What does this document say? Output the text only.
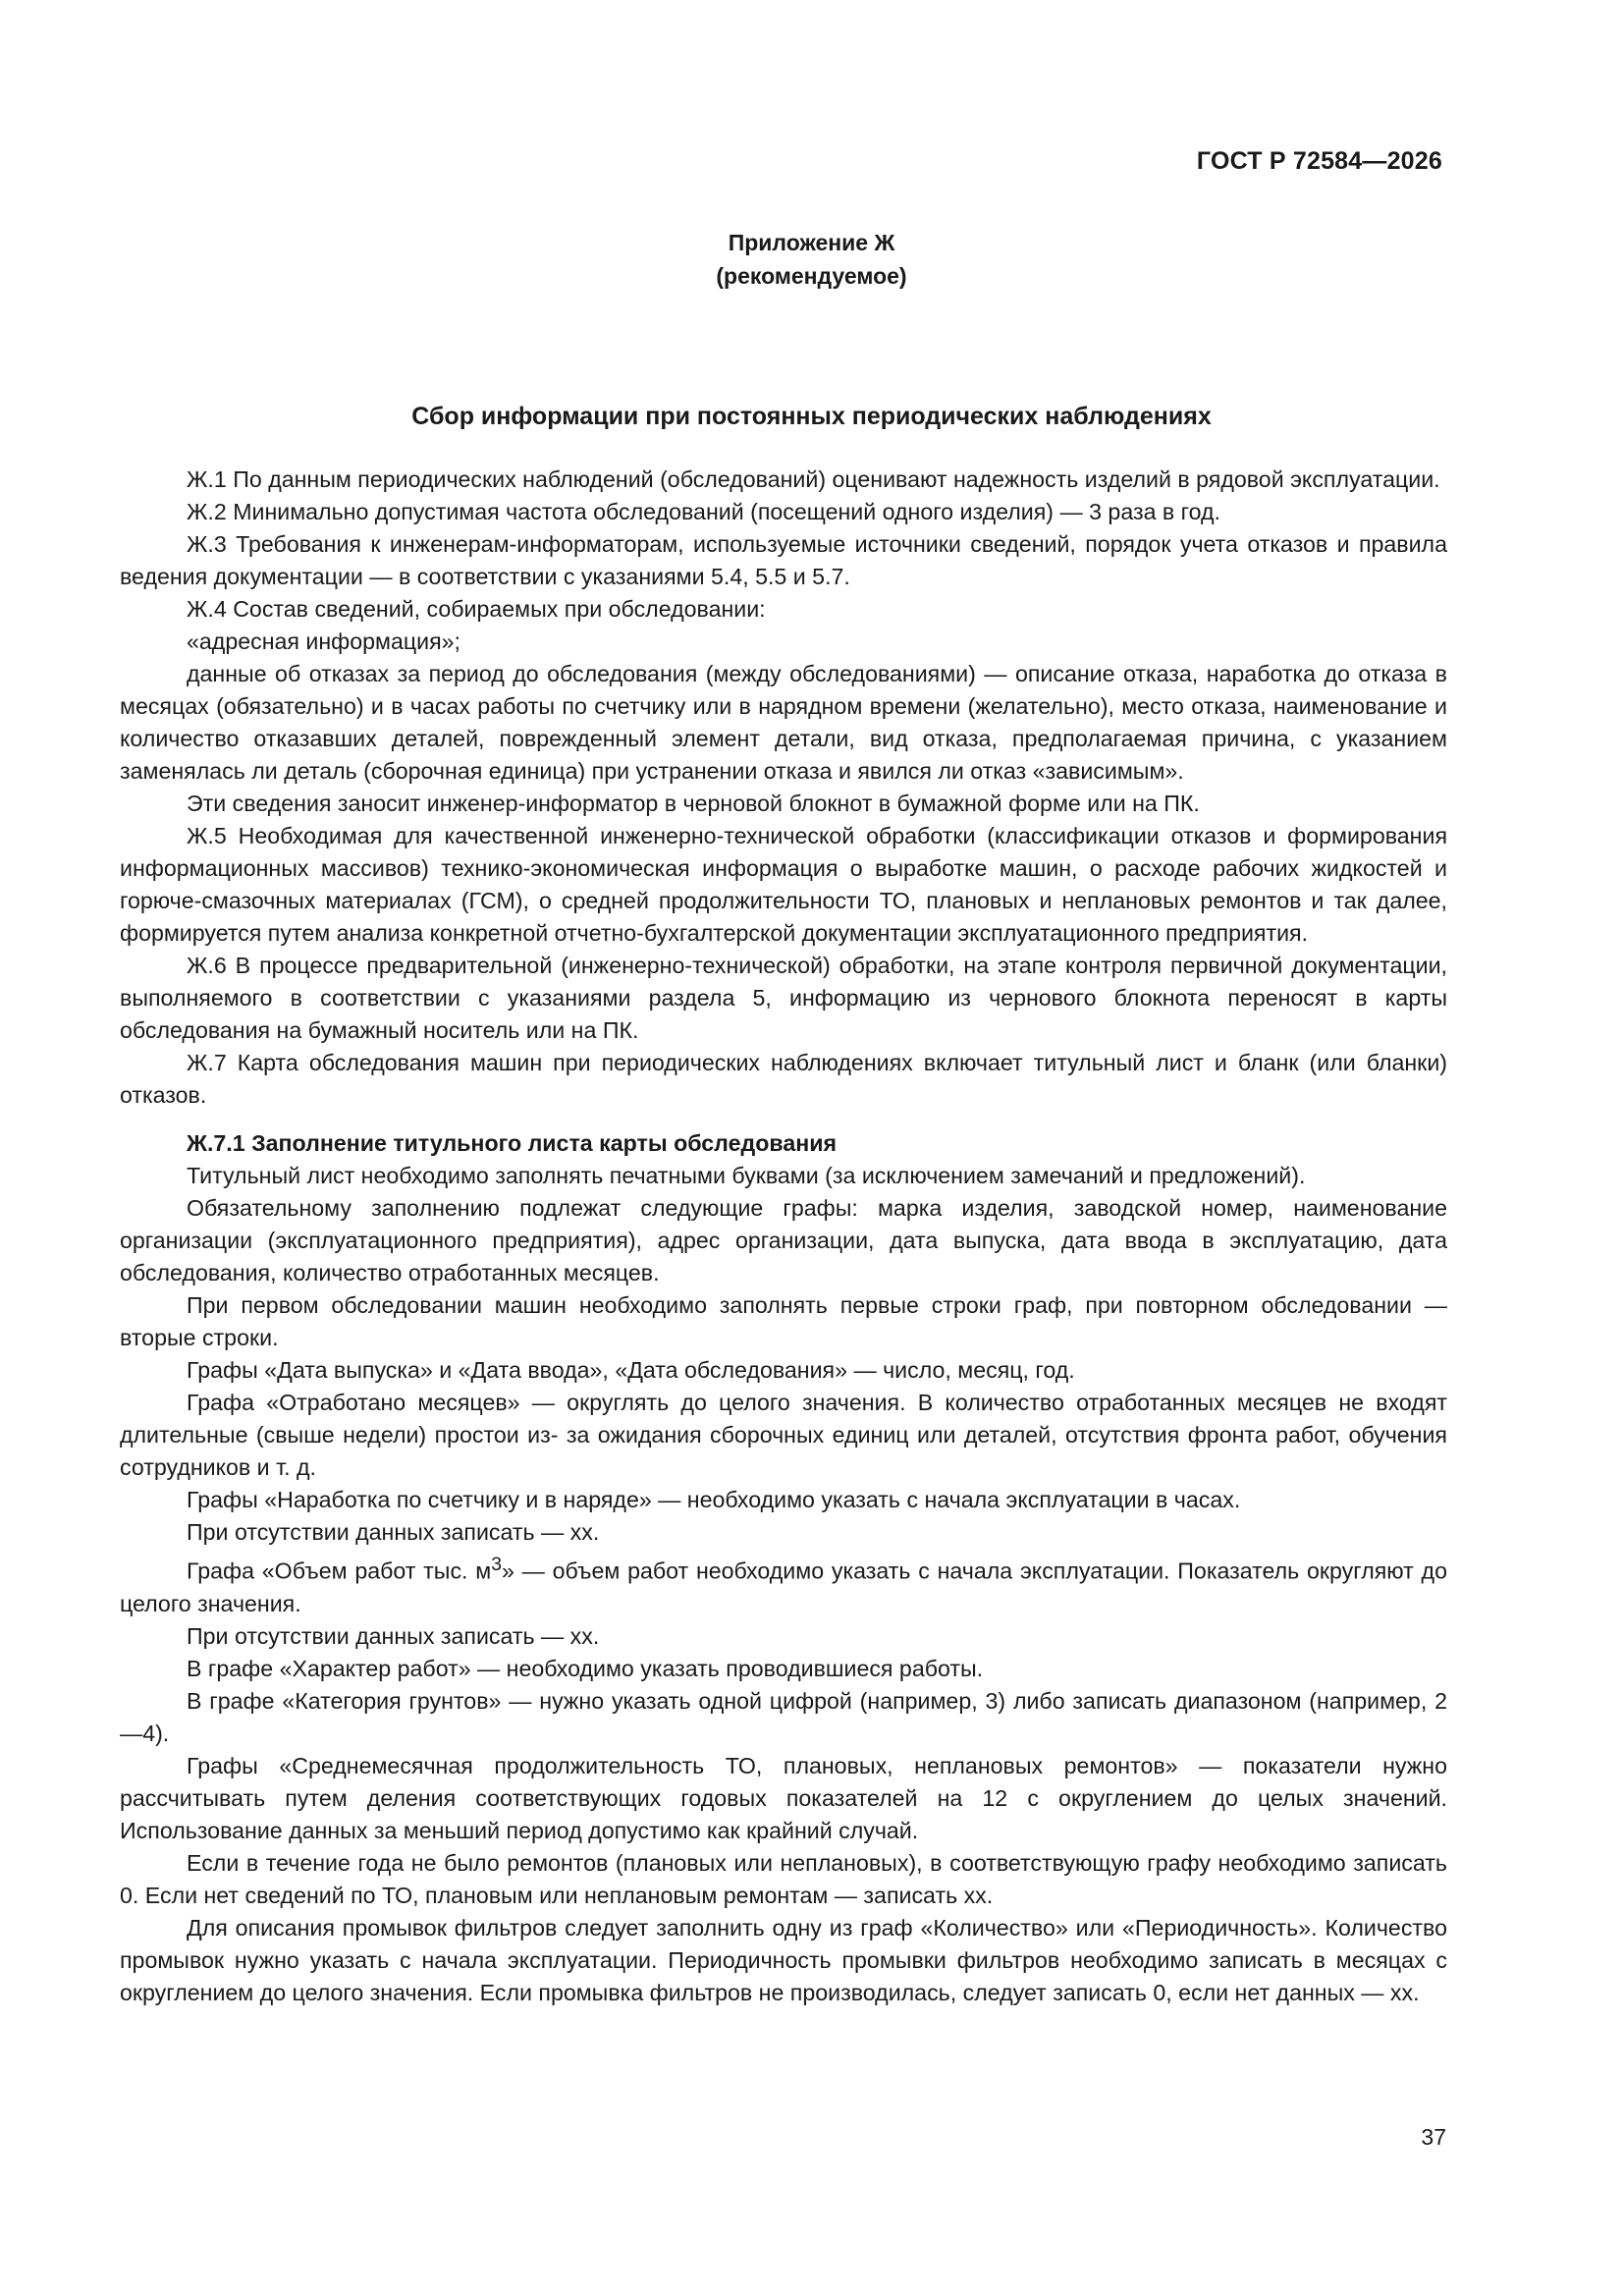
ГОСТ Р 72584—2026
Приложение Ж
(рекомендуемое)
Сбор информации при постоянных периодических наблюдениях

Ж.1 По данным периодических наблюдений (обследований) оценивают надежность изделий в рядовой эксплуатации.

Ж.2 Минимально допустимая частота обследований (посещений одного изделия) — 3 раза в год.

Ж.3 Требования к инженерам-информаторам, используемые источники сведений, порядок учета отказов и правила ведения документации — в соответствии с указаниями 5.4, 5.5 и 5.7.

Ж.4 Состав сведений, собираемых при обследовании:

«адресная информация»;

данные об отказах за период до обследования (между обследованиями) — описание отказа, наработка до отказа в месяцах (обязательно) и в часах работы по счетчику или в нарядном времени (желательно), место отказа, наименование и количество отказавших деталей, поврежденный элемент детали, вид отказа, предполагаемая причина, с указанием заменялась ли деталь (сборочная единица) при устранении отказа и явился ли отказ «зависимым».

Эти сведения заносит инженер-информатор в черновой блокнот в бумажной форме или на ПК.

Ж.5 Необходимая для качественной инженерно-технической обработки (классификации отказов и формирования информационных массивов) технико-экономическая информация о выработке машин, о расходе рабочих жидкостей и горюче-смазочных материалах (ГСМ), о средней продолжительности ТО, плановых и неплановых ремонтов и так далее, формируется путем анализа конкретной отчетно-бухгалтерской документации эксплуатационного предприятия.

Ж.6 В процессе предварительной (инженерно-технической) обработки, на этапе контроля первичной документации, выполняемого в соответствии с указаниями раздела 5, информацию из чернового блокнота переносят в карты обследования на бумажный носитель или на ПК.

Ж.7 Карта обследования машин при периодических наблюдениях включает титульный лист и бланк (или бланки) отказов.

Ж.7.1 Заполнение титульного листа карты обследования

Титульный лист необходимо заполнять печатными буквами (за исключением замечаний и предложений).

Обязательному заполнению подлежат следующие графы: марка изделия, заводской номер, наименование организации (эксплуатационного предприятия), адрес организации, дата выпуска, дата ввода в эксплуатацию, дата обследования, количество отработанных месяцев.

При первом обследовании машин необходимо заполнять первые строки граф, при повторном обследовании — вторые строки.

Графы «Дата выпуска» и «Дата ввода», «Дата обследования» — число, месяц, год.

Графа «Отработано месяцев» — округлять до целого значения. В количество отработанных месяцев не входят длительные (свыше недели) простои из- за ожидания сборочных единиц или деталей, отсутствия фронта работ, обучения сотрудников и т. д.

Графы «Наработка по счетчику и в наряде» — необходимо указать с начала эксплуатации в часах.

При отсутствии данных записать — хх.

Графа «Объем работ тыс. $м^3$» — объем работ необходимо указать с начала эксплуатации. Показатель округляют до целого значения.

При отсутствии данных записать — хх.

В графе «Характер работ» — необходимо указать проводившиеся работы.

В графе «Категория грунтов» — нужно указать одной цифрой (например, 3) либо записать диапазоном (например, 2—4).

Графы «Среднемесячная продолжительность ТО, плановых, неплановых ремонтов» — показатели нужно рассчитывать путем деления соответствующих годовых показателей на 12 с округлением до целых значений. Использование данных за меньший период допустимо как крайний случай.

Если в течение года не было ремонтов (плановых или неплановых), в соответствующую графу необходимо записать 0. Если нет сведений по ТО, плановым или неплановым ремонтам — записать хх.

Для описания промывок фильтров следует заполнить одну из граф «Количество» или «Периодичность». Количество промывок нужно указать с начала эксплуатации. Периодичность промывки фильтров необходимо записать в месяцах с округлением до целого значения. Если промывка фильтров не производилась, следует записать 0, если нет данных — хх.

37
